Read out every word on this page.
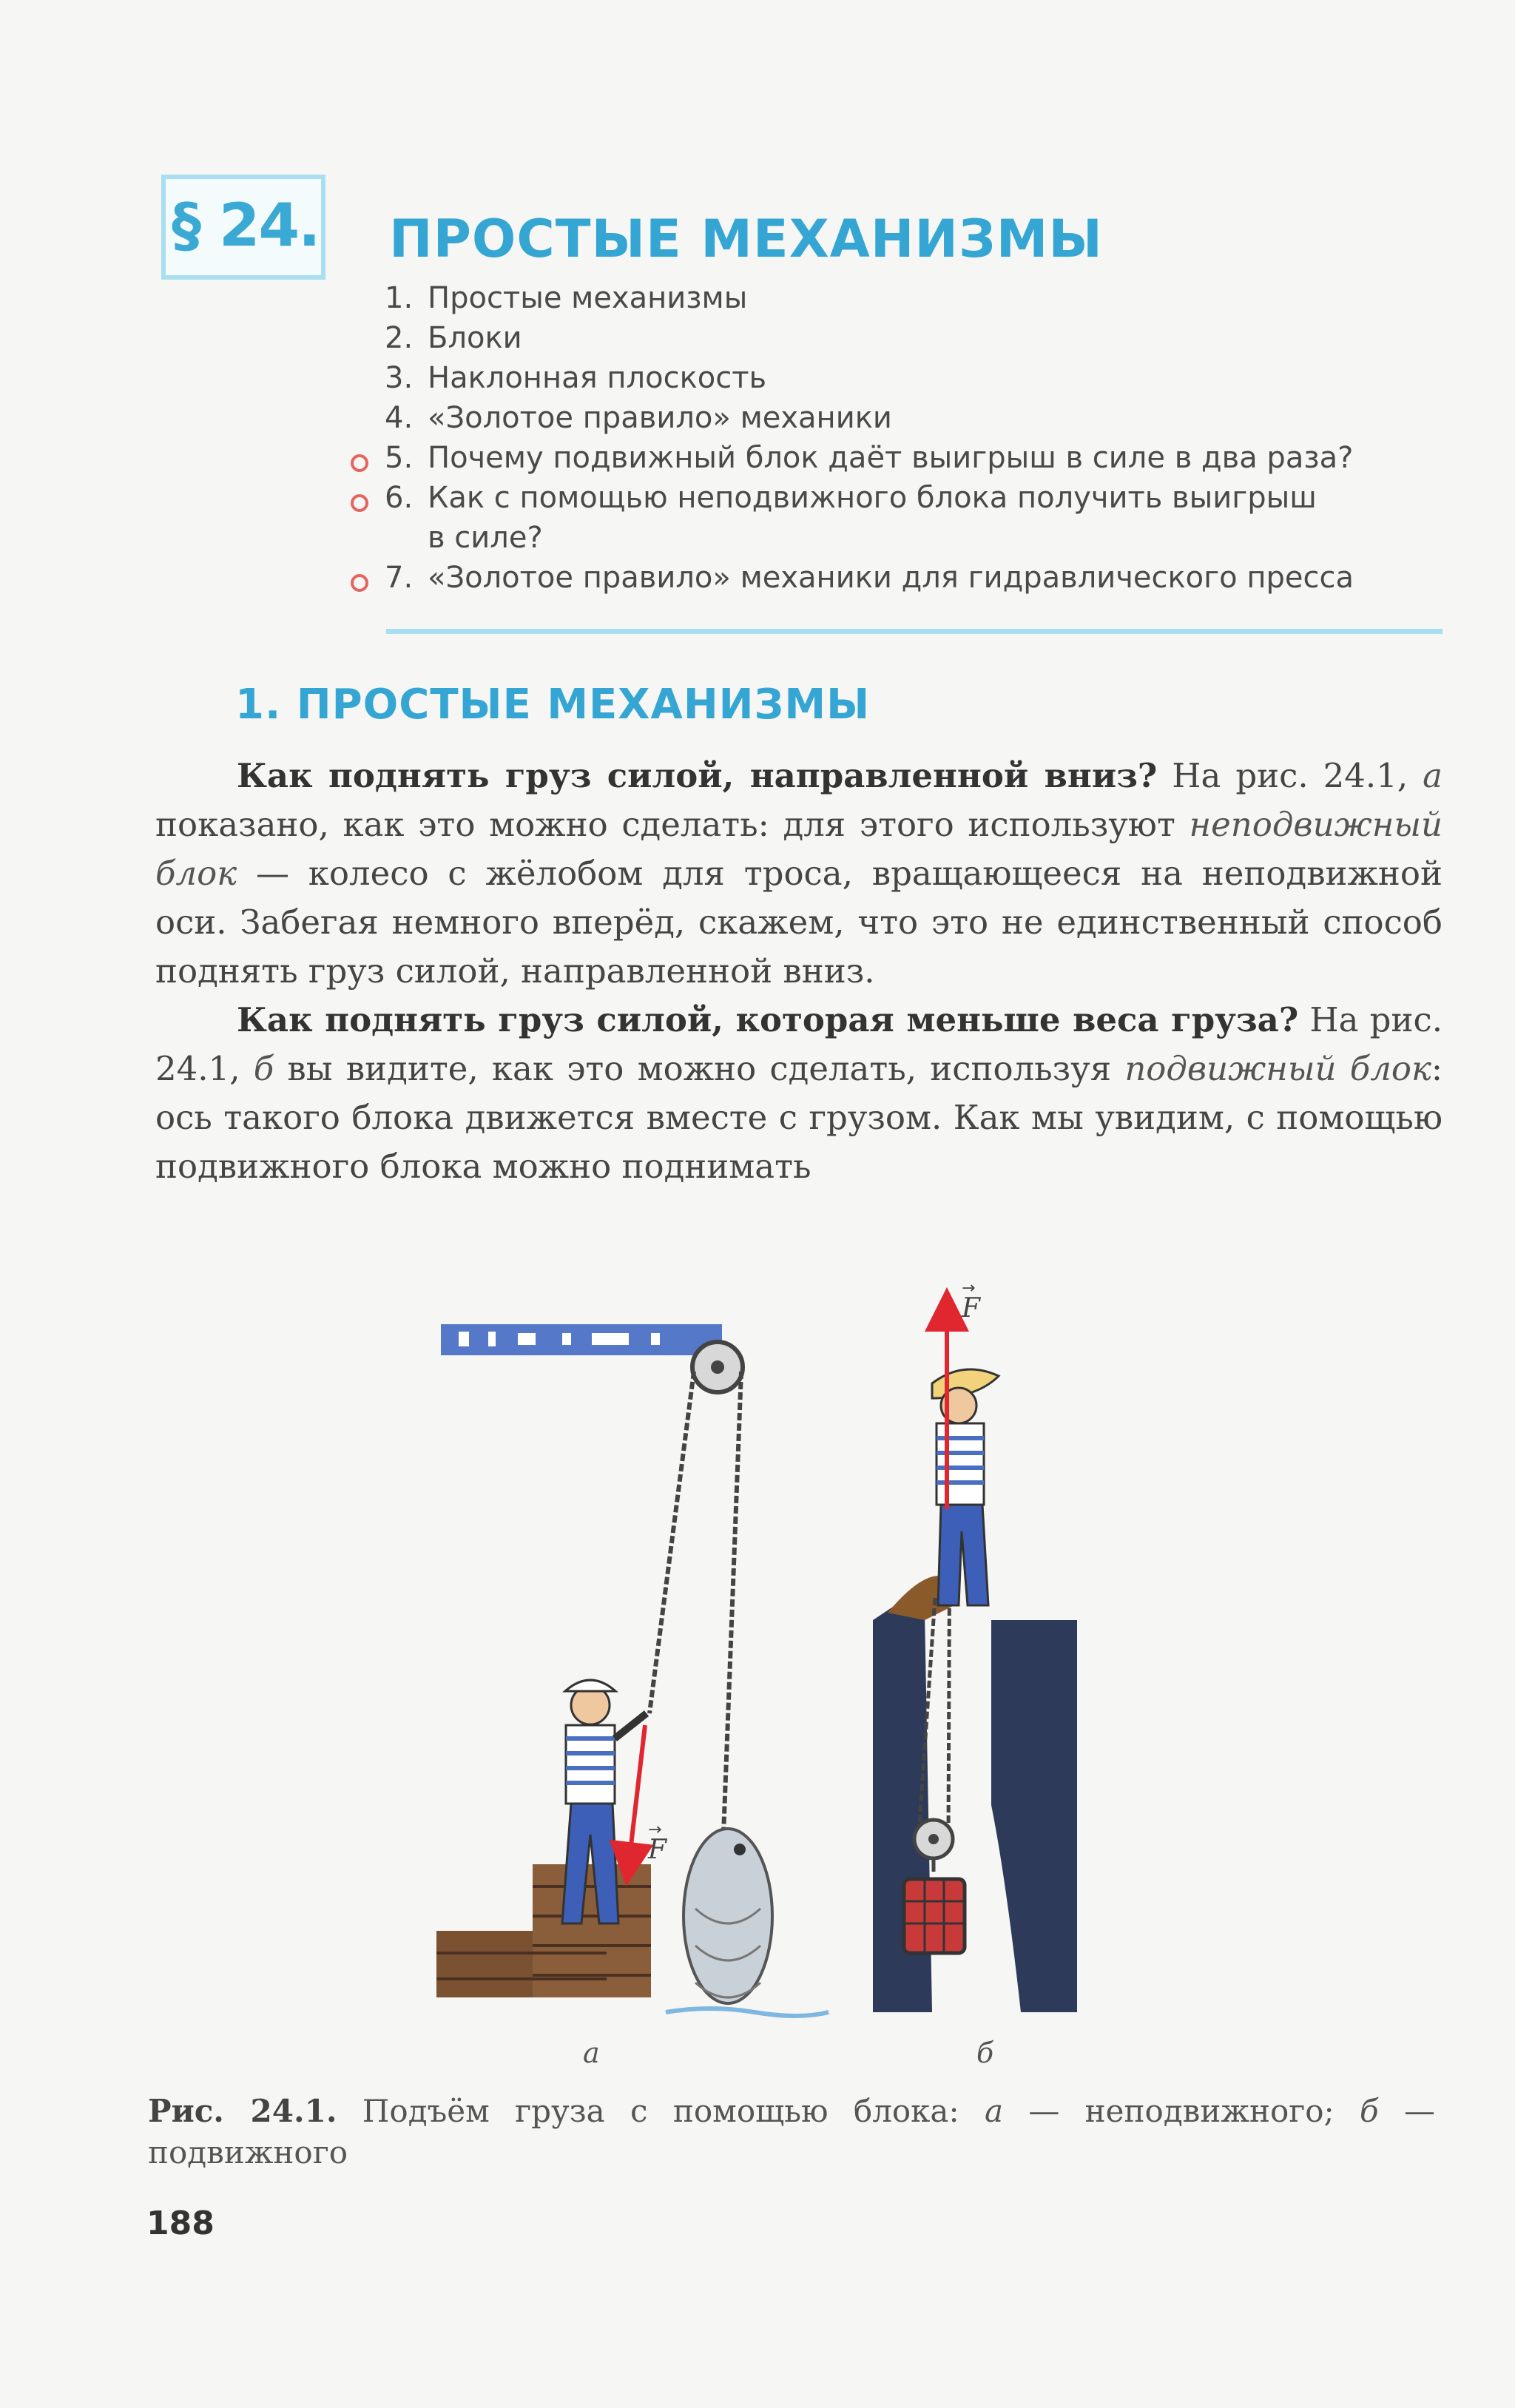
§ 24. ПРОСТЫЕ МЕХАНИЗМЫ
1. Простые механизмы
2. Блоки
3. Наклонная плоскость
4. «Золотое правило» механики
5. Почему подвижный блок даёт выигрыш в силе в два раза?
6. Как с помощью неподвижного блока получить выигрыш
в силе?
7. «Золотое правило» механики для гидравлического пресса
1. ПРОСТЫЕ МЕХАНИЗМЫ

Как поднять груз силой, направленной вниз? На рис. 24.1, а показано, как это можно сделать: для этого используют неподвижный блок — колесо с жёлобом для троса, вращающееся на неподвижной оси. Забегая немного вперёд, скажем, что это не единственный способ поднять груз силой, направленной вниз.

Как поднять груз силой, которая меньше веса груза? На рис. 24.1, б вы видите, как это можно сделать, используя подвижный блок: ось такого блока движется вместе с грузом. Как мы увидим, с помощью подвижного блока можно поднимать

F
→
F
→
а	б
Рис. 24.1. Подъём груза с помощью блока: а — неподвижного; б — подвижного
188
